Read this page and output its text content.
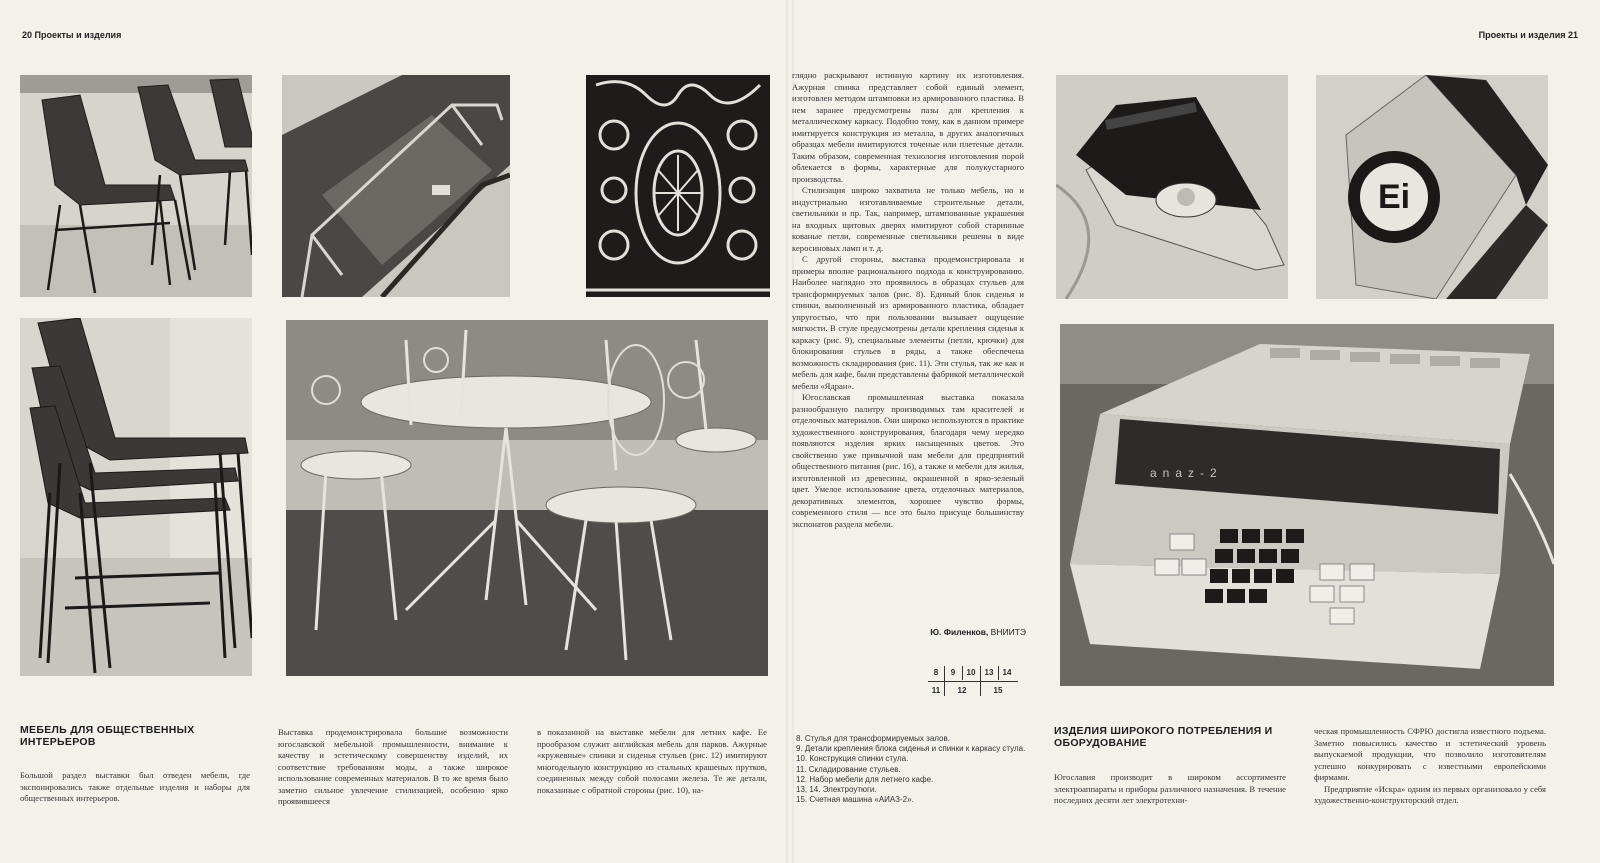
20 Проекты и изделия
МЕБЕЛЬ ДЛЯ ОБЩЕСТВЕННЫХ ИНТЕРЬЕРОВ
Большой раздел выставки был отведен мебели, где экспонировались также отдельные изделия и наборы для общественных интерьеров.
Выставка продемонстрировала большие возможности югославской мебельной промышленности, внимание к качеству и эстетическому совершенству изделий, их соответствие требованиям моды, а также широкое использование современных материалов. В то же время было заметно сильное увлечение стилизацией, особенно ярко проявившееся
в показанной на выставке мебели для летних кафе. Ее прообразом служит английская мебель для парков. Ажурные «кружевные» спинки и сиденья стульев (рис. 12) имитируют многодельную конструкцию из стальных крашеных прутков, соединенных между собой полосами железа. Те же детали, показанные с обратной стороны (рис. 10), на-
Проекты и изделия 21

глядно раскрывают истинную картину их изготовления. Ажурная спинка представляет собой единый элемент, изготовлен методом штамповки из армированного пластика. В нем заранее предусмотрены пазы для крепления к металлическому каркасу. Подобно тому, как в данном примере имитируется конструкция из металла, в других аналогичных образцах мебели имитируются точеные или плетеные детали. Таким образом, современная технология изготовления порой облекается в формы, характерные для полукустарного производства.

Стилизация широко захватила не только мебель, но и индустриально изготавливаемые строительные детали, светильники и пр. Так, например, штампованные украшения на входных щитовых дверях имитируют собой старинные кованые петли, современные светильники решены в виде керосиновых ламп и т. д.

С другой стороны, выставка продемонстрировала и примеры вполне рационального подхода к конструированию. Наиболее наглядно это проявилось в образцах стульев для трансформируемых залов (рис. 8). Единый блок сиденья и спинки, выполненный из армированного пластика, обладает упругостью, что при пользовании вызывает ощущение мягкости. В стуле предусмотрены детали крепления сиденья к каркасу (рис. 9), специальные элементы (петли, крючки) для блокирования стульев в ряды, а также обеспечена возможность складирования (рис. 11). Эти стулья, так же как и мебель для кафе, были представлены фабрикой металлической мебели «Ядран».

Югославская промышленная выставка показала разнообразную палитру производимых там красителей и отделочных материалов. Они широко используются в практике художественного конструирования, благодаря чему нередко появляются изделия ярких насыщенных цветов. Это свойственно уже привычной нам мебели для предприятий общественного питания (рис. 16), а также и мебели для жилья, изготовленной из древесины, окрашенной в ярко-зеленый цвет. Умелое использование цвета, отделочных материалов, декоративных элементов, хорошее чувство формы, современного стиля — все это было присуще большинству экспонатов раздела мебели.

Ю. Филенков, ВНИИТЭ
8	9	10	13	14
11	12	15
8. Стулья для трансформируемых залов.
9. Детали крепления блока сиденья и спинки к каркасу стула.
10. Конструкция спинки стула.
11. Складирование стульев.
12. Набор мебели для летнего кафе.
13, 14. Электроутюги.
15. Счетная машина «АИАЗ-2».
Ei
anaz-2
ИЗДЕЛИЯ ШИРОКОГО ПОТРЕБЛЕНИЯ И ОБОРУДОВАНИЕ
Югославия производит в широком ассортименте электроаппараты и приборы различного назначения. В течение последних десяти лет электротехни-

ческая промышленность СФРЮ достигла известного подъема. Заметно повысились качество и эстетический уровень выпускаемой продукции, что позволило изготовителям успешно конкурировать с известными европейскими фирмами.

Предприятие «Искра» одним из первых организовало у себя художественно-конструкторский отдел.
